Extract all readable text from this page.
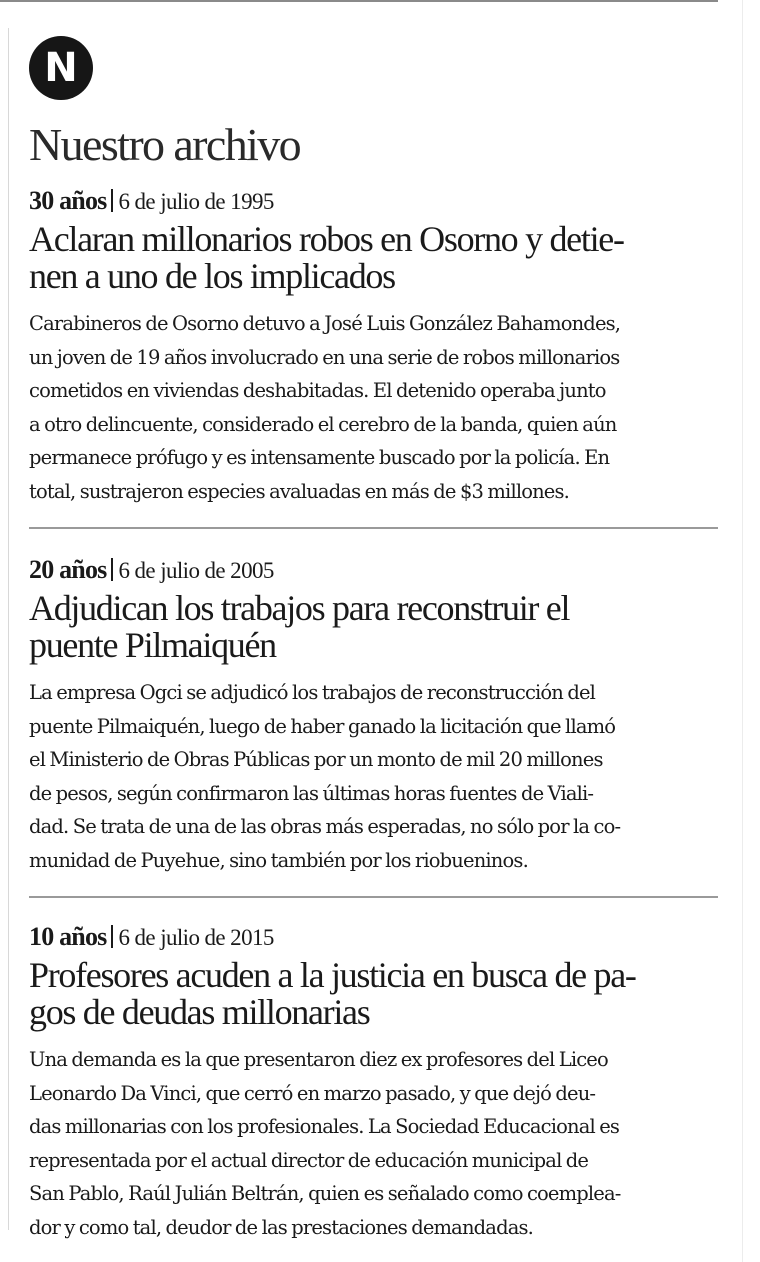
N
Nuestro archivo
30 años 6 de julio de 1995
Aclaran millonarios robos en Osorno y detie-
nen a uno de los implicados

Carabineros de Osorno detuvo a José Luis González Bahamondes,
un joven de 19 años involucrado en una serie de robos millonarios
cometidos en viviendas deshabitadas. El detenido operaba junto
a otro delincuente, considerado el cerebro de la banda, quien aún
permanece prófugo y es intensamente buscado por la policía. En
total, sustrajeron especies avaluadas en más de $3 millones.

20 años 6 de julio de 2005
Adjudican los trabajos para reconstruir el
puente Pilmaiquén

La empresa Ogci se adjudicó los trabajos de reconstrucción del
puente Pilmaiquén, luego de haber ganado la licitación que llamó
el Ministerio de Obras Públicas por un monto de mil 20 millones
de pesos, según confirmaron las últimas horas fuentes de Viali-
dad. Se trata de una de las obras más esperadas, no sólo por la co-
munidad de Puyehue, sino también por los riobueninos.

10 años 6 de julio de 2015
Profesores acuden a la justicia en busca de pa-
gos de deudas millonarias

Una demanda es la que presentaron diez ex profesores del Liceo
Leonardo Da Vinci, que cerró en marzo pasado, y que dejó deu-
das millonarias con los profesionales. La Sociedad Educacional es
representada por el actual director de educación municipal de
San Pablo, Raúl Julián Beltrán, quien es señalado como coemplea-
dor y como tal, deudor de las prestaciones demandadas.
